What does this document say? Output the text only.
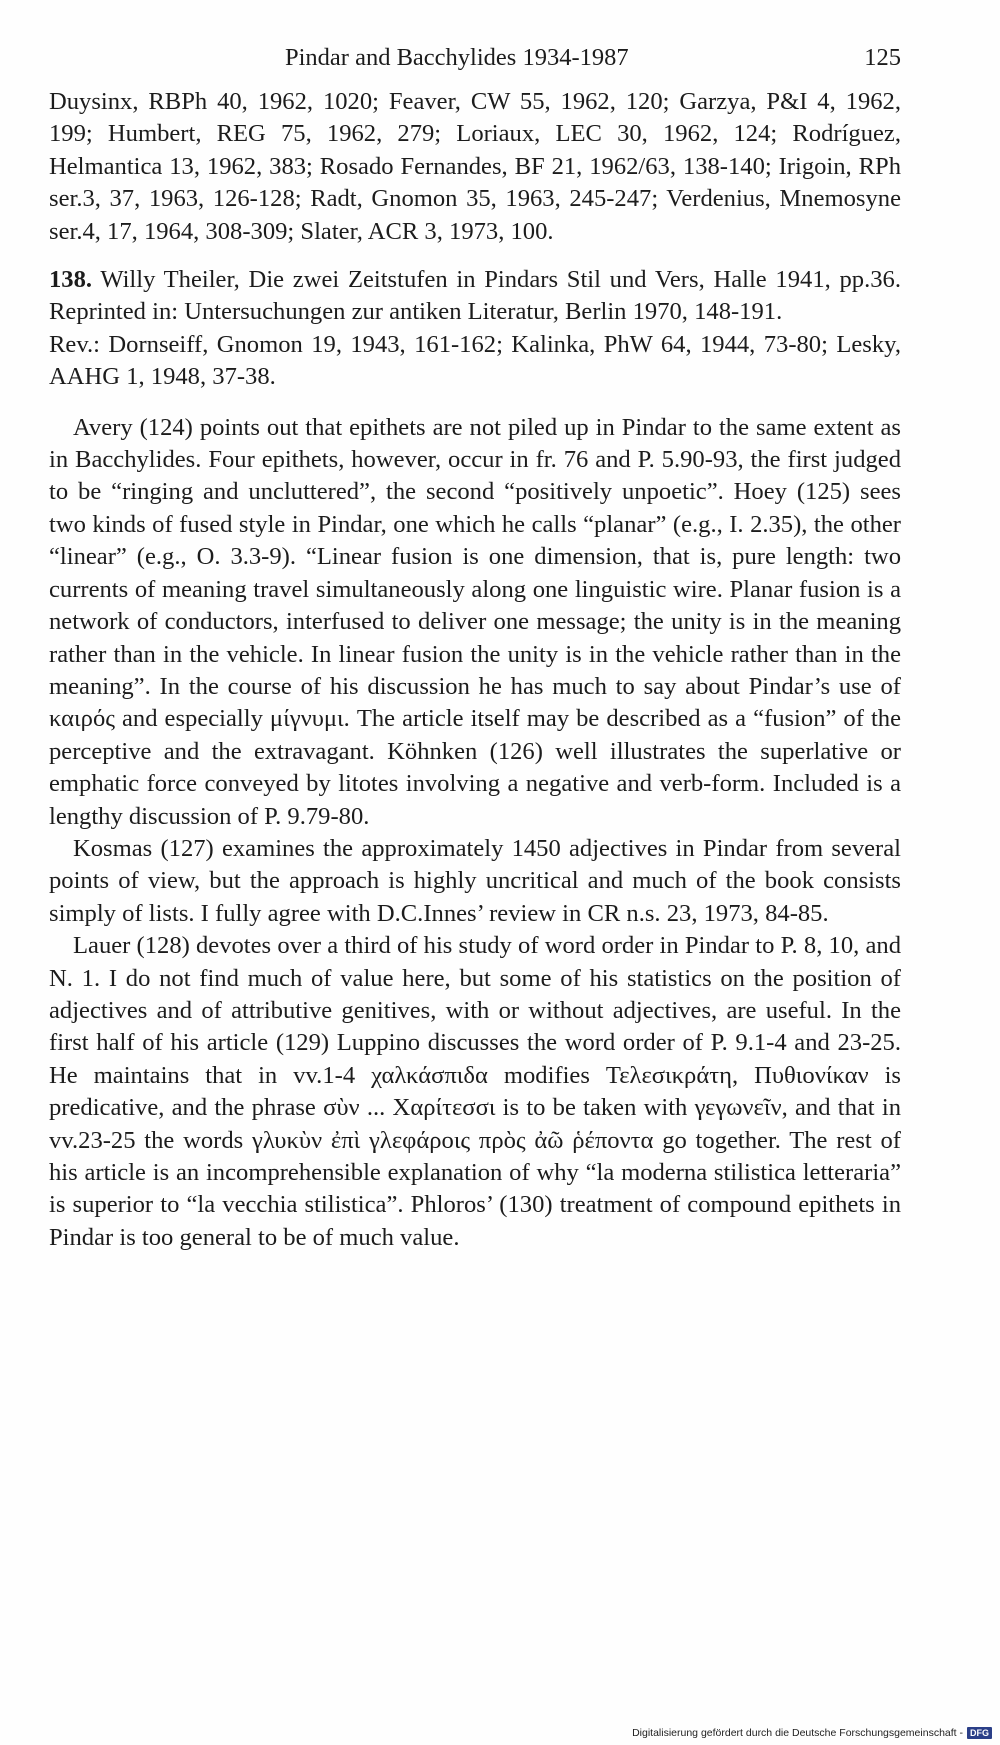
Pindar and Bacchylides 1934-1987	125

Duysinx, RBPh 40, 1962, 1020; Feaver, CW 55, 1962, 120; Garzya, P&I 4, 1962, 199; Humbert, REG 75, 1962, 279; Loriaux, LEC 30, 1962, 124; Rodríguez, Helmantica 13, 1962, 383; Rosado Fernandes, BF 21, 1962/63, 138-140; Irigoin, RPh ser.3, 37, 1963, 126-128; Radt, Gnomon 35, 1963, 245-247; Verdenius, Mnemosyne ser.4, 17, 1964, 308-309; Slater, ACR 3, 1973, 100.

138. Willy Theiler, Die zwei Zeitstufen in Pindars Stil und Vers, Halle 1941, pp.36. Reprinted in: Untersuchungen zur antiken Literatur, Berlin 1970, 148-191.
Rev.: Dornseiff, Gnomon 19, 1943, 161-162; Kalinka, PhW 64, 1944, 73-80; Lesky, AAHG 1, 1948, 37-38.

Avery (124) points out that epithets are not piled up in Pindar to the same extent as in Bacchylides. Four epithets, however, occur in fr. 76 and P. 5.90-93, the first judged to be “ringing and uncluttered”, the second “positively unpoetic”. Hoey (125) sees two kinds of fused style in Pindar, one which he calls “planar” (e.g., I. 2.35), the other “linear” (e.g., O. 3.3-9). “Linear fusion is one dimension, that is, pure length: two currents of meaning travel simultaneously along one linguistic wire. Planar fusion is a network of conductors, interfused to deliver one message; the unity is in the meaning rather than in the vehicle. In linear fusion the unity is in the vehicle rather than in the meaning”. In the course of his discussion he has much to say about Pindar’s use of καιρός and especially μίγνυμι. The article itself may be described as a “fusion” of the perceptive and the extravagant. Köhnken (126) well illustrates the superlative or emphatic force conveyed by litotes involving a negative and verb-form. Included is a lengthy discussion of P. 9.79-80.

Kosmas (127) examines the approximately 1450 adjectives in Pindar from several points of view, but the approach is highly uncritical and much of the book consists simply of lists. I fully agree with D.C.Innes’ review in CR n.s. 23, 1973, 84-85.

Lauer (128) devotes over a third of his study of word order in Pindar to P. 8, 10, and N. 1. I do not find much of value here, but some of his statistics on the position of adjectives and of attributive genitives, with or without adjectives, are useful. In the first half of his article (129) Luppino discusses the word order of P. 9.1-4 and 23-25. He maintains that in vv.1-4 χαλκάσπιδα modifies Τελεσικράτη, Πυθιονίκαν is predicative, and the phrase σὺν ... Χαρίτεσσι is to be taken with γεγωνεῖν, and that in vv.23-25 the words γλυκὺν ἐπὶ γλεφάροις πρὸς ἀῶ ῥέποντα go together. The rest of his article is an incomprehensible explanation of why “la moderna stilistica letteraria” is superior to “la vecchia stilistica”. Phloros’ (130) treatment of compound epithets in Pindar is too general to be of much value.

Digitalisierung gefördert durch die Deutsche Forschungsgemeinschaft - DFG
